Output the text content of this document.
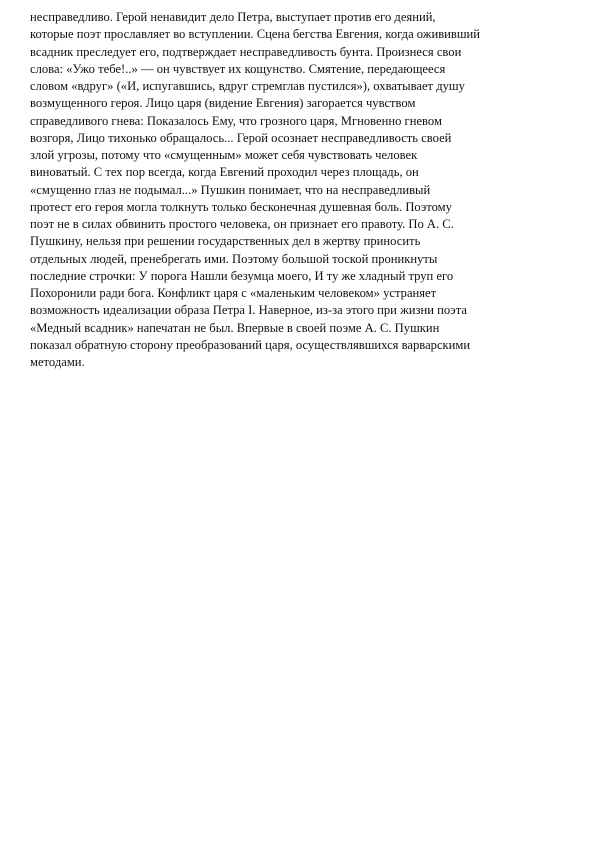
несправедливо. Герой ненавидит дело Петра, выступает против его деяний,
которые поэт прославляет во вступлении. Сцена бегства Евгения, когда ожививший
всадник преследует его, подтверждает несправедливость бунта. Произнеся свои
слова: «Ужо тебе!..» — он чувствует их кощунство. Смятение, передающееся
словом «вдруг» («И, испугавшись, вдруг стремглав пустился»), охватывает душу
возмущенного героя. Лицо царя (видение Евгения) загорается чувством
справедливого гнева: Показалось Ему, что грозного царя, Мгновенно гневом
возгоря, Лицо тихонько обращалось... Герой осознает несправедливость своей
злой угрозы, потому что «смущенным» может себя чувствовать человек
виноватый. С тех пор всегда, когда Евгений проходил через площадь, он
«смущенно глаз не подымал...» Пушкин понимает, что на несправедливый
протест его героя могла толкнуть только бесконечная душевная боль. Поэтому
поэт не в силах обвинить простого человека, он признает его правоту. По А. С.
Пушкину, нельзя при решении государственных дел в жертву приносить
отдельных людей, пренебрегать ими. Поэтому большой тоской проникнуты
последние строчки: У порога Нашли безумца моего, И ту же хладный труп его
Похоронили ради бога. Конфликт царя с «маленьким человеком» устраняет
возможность идеализации образа Петра I. Наверное, из-за этого при жизни поэта
«Медный всадник» напечатан не был. Впервые в своей поэме А. С. Пушкин
показал обратную сторону преобразований царя, осуществлявшихся варварскими
методами.
